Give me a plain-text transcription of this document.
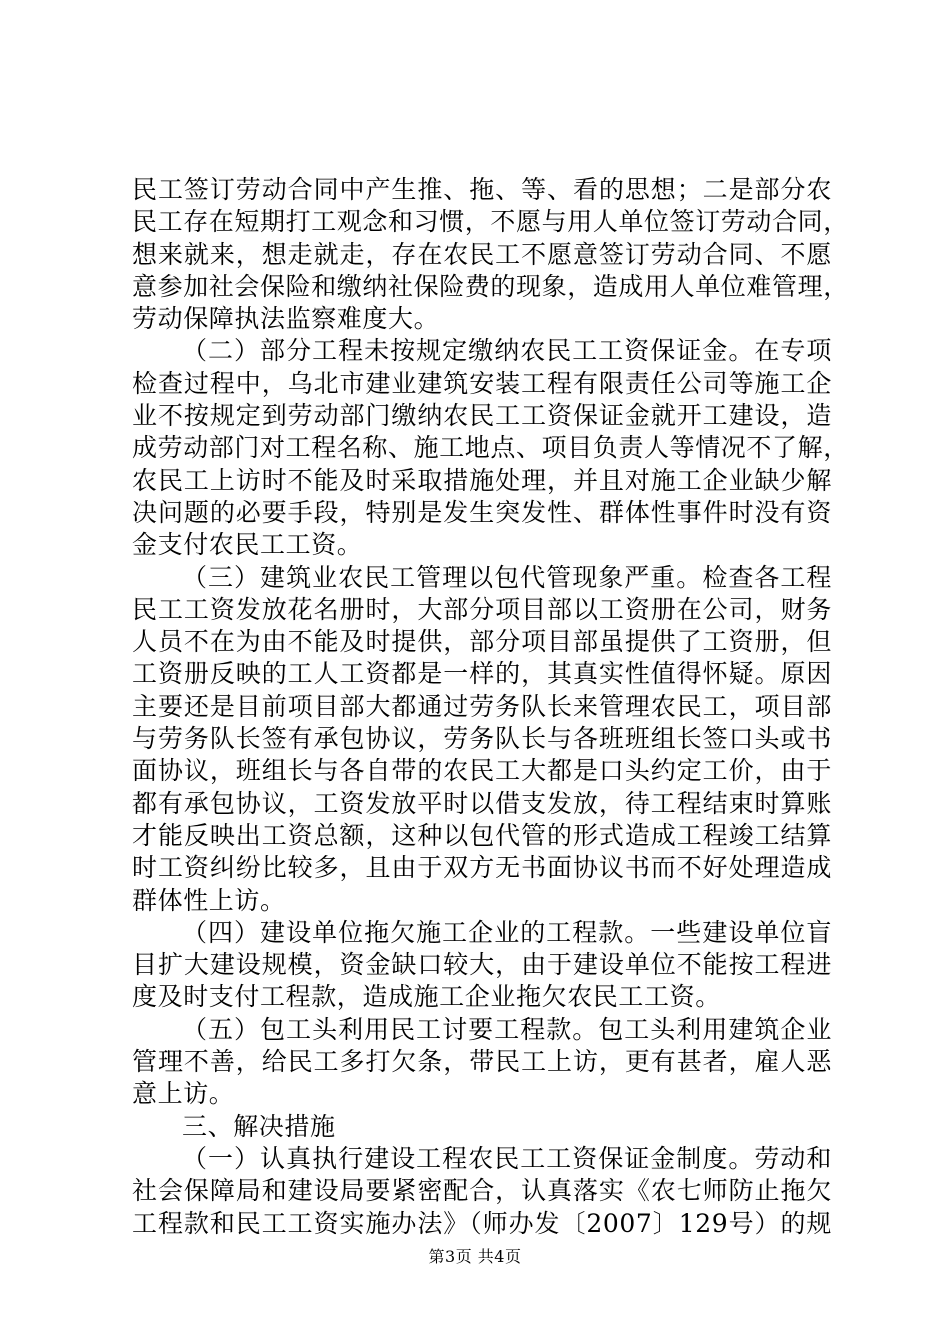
民工签订劳动合同中产生推、拖、等、看的思想；二是部分农
民工存在短期打工观念和习惯，不愿与用人单位签订劳动合同，
想来就来，想走就走，存在农民工不愿意签订劳动合同、不愿
意参加社会保险和缴纳社保险费的现象，造成用人单位难管理，
劳动保障执法监察难度大。
（二）部分工程未按规定缴纳农民工工资保证金。在专项
检查过程中，乌北市建业建筑安装工程有限责任公司等施工企
业不按规定到劳动部门缴纳农民工工资保证金就开工建设，造
成劳动部门对工程名称、施工地点、项目负责人等情况不了解，
农民工上访时不能及时采取措施处理，并且对施工企业缺少解
决问题的必要手段，特别是发生突发性、群体性事件时没有资
金支付农民工工资。
（三）建筑业农民工管理以包代管现象严重。检查各工程
民工工资发放花名册时，大部分项目部以工资册在公司，财务
人员不在为由不能及时提供，部分项目部虽提供了工资册，但
工资册反映的工人工资都是一样的，其真实性值得怀疑。原因
主要还是目前项目部大都通过劳务队长来管理农民工，项目部
与劳务队长签有承包协议，劳务队长与各班班组长签口头或书
面协议，班组长与各自带的农民工大都是口头约定工价，由于
都有承包协议，工资发放平时以借支发放，待工程结束时算账
才能反映出工资总额，这种以包代管的形式造成工程竣工结算
时工资纠纷比较多，且由于双方无书面协议书而不好处理造成
群体性上访。
（四）建设单位拖欠施工企业的工程款。一些建设单位盲
目扩大建设规模，资金缺口较大，由于建设单位不能按工程进
度及时支付工程款，造成施工企业拖欠农民工工资。
（五）包工头利用民工讨要工程款。包工头利用建筑企业
管理不善，给民工多打欠条，带民工上访，更有甚者，雇人恶
意上访。
三、解决措施
（一）认真执行建设工程农民工工资保证金制度。劳动和
社会保障局和建设局要紧密配合，认真落实《农七师防止拖欠
工程款和民工工资实施办法》（师办发〔2007〕129号）的规
第3页 共4页
